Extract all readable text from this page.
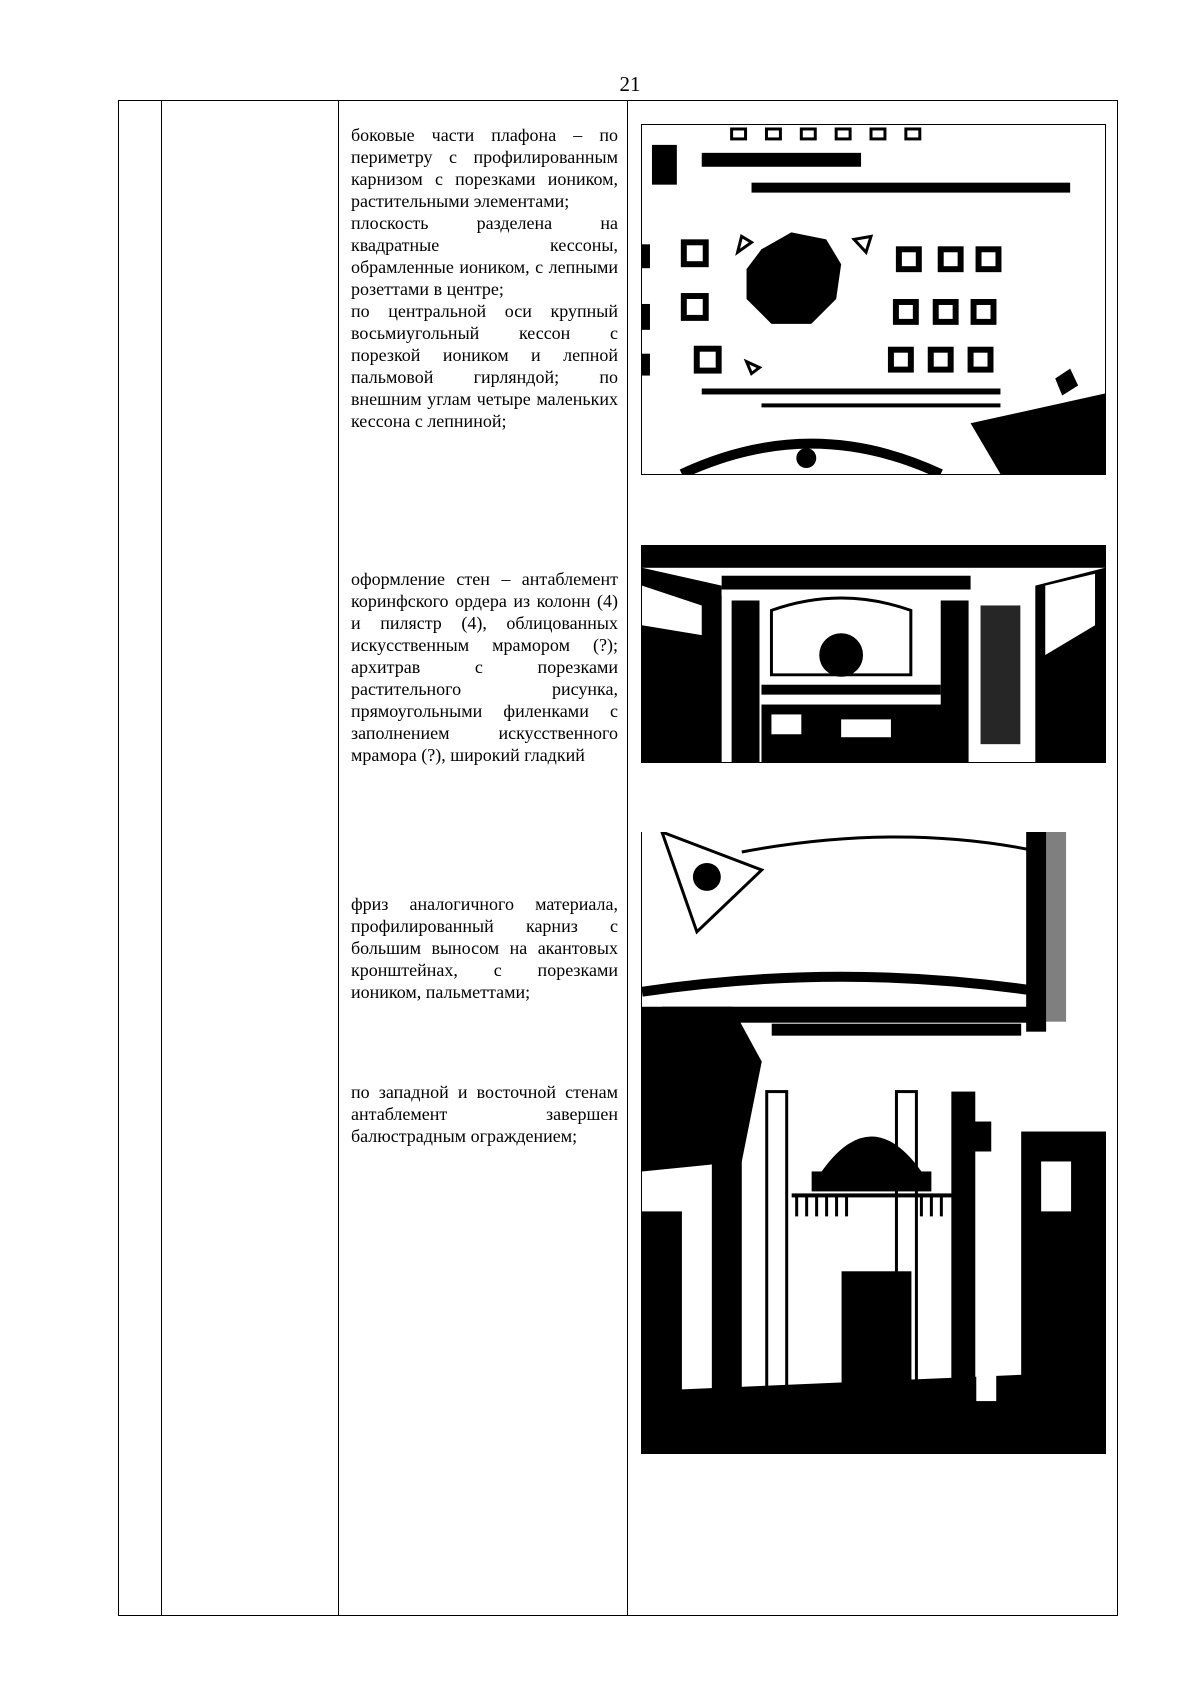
21

боковые части плафона – по периметру с профилированным карнизом с порезками иоником, растительными элементами;

плоскость разделена на квадратные кессоны, обрамленные иоником, с лепными розеттами в центре;

по центральной оси крупный восьмиугольный кессон с порезкой иоником и лепной пальмовой гирляндой; по внешним углам четыре маленьких кессона с лепниной;

оформление стен – антаблемент коринфского ордера из колонн (4) и пилястр (4), облицованных искусственным мрамором (?); архитрав с порезками растительного рисунка, прямоугольными филенками с заполнением искусственного мрамора (?), широкий гладкий

фриз аналогичного материала, профилированный карниз с большим выносом на акантовых кронштейнах, с порезками иоником, пальметтами;

по западной и восточной стенам антаблемент завершен балюстрадным ограждением;
